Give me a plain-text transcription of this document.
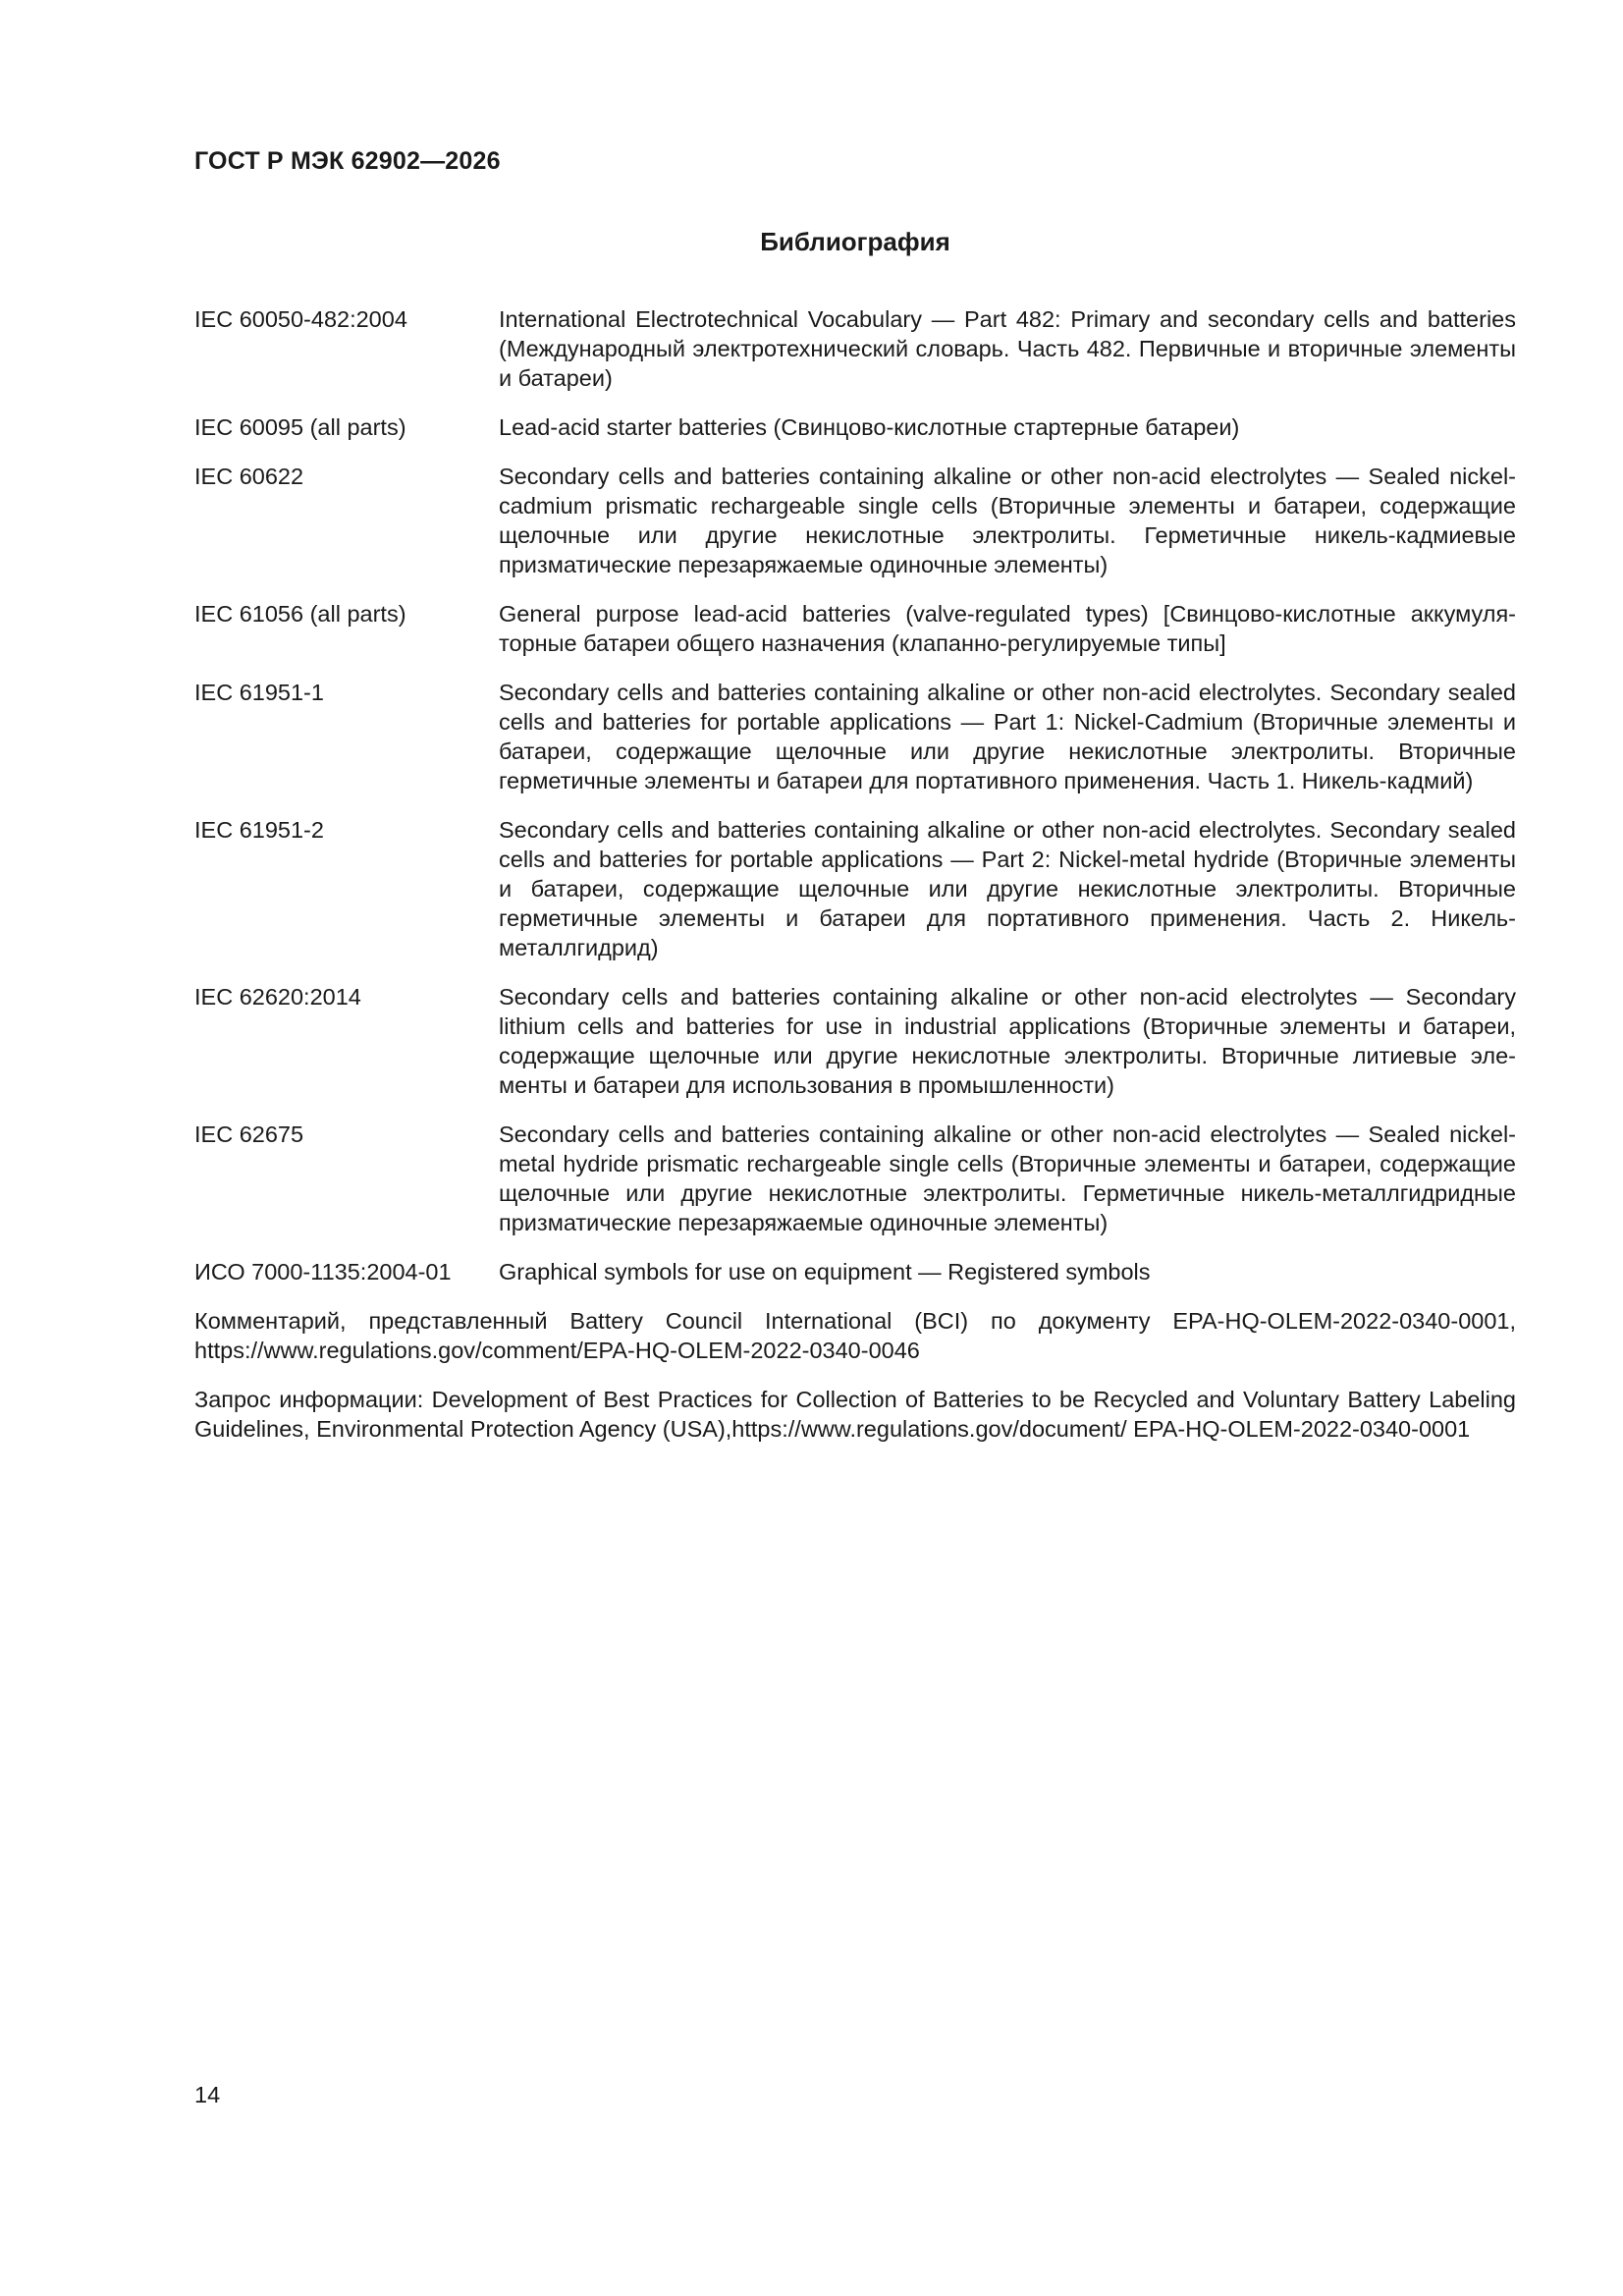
ГОСТ Р МЭК 62902—2026
Библиография
IEC 60050-482:2004	International Electrotechnical Vocabulary — Part 482: Primary and secondary cells and batteries (Международный электротехнический словарь. Часть 482. Первичные и вторичные элементы и батареи)
IEC 60095 (all parts)	Lead-acid starter batteries (Свинцово-кислотные стартерные батареи)
IEC 60622	Secondary cells and batteries containing alkaline or other non-acid electrolytes — Sealed nickel-cadmium prismatic rechargeable single cells (Вторичные элементы и батареи, содержащие щелочные или другие некислотные электролиты. Герметичные никель-кадмиевые призматические перезаряжаемые одиночные элементы)
IEC 61056 (all parts)	General purpose lead-acid batteries (valve-regulated types) [Свинцово-кислотные аккумуляторные батареи общего назначения (клапанно-регулируемые типы]
IEC 61951-1	Secondary cells and batteries containing alkaline or other non-acid electrolytes. Secondary sealed cells and batteries for portable applications — Part 1: Nickel-Cadmium (Вторичные элементы и батареи, содержащие щелочные или другие некислотные электролиты. Вторичные герметичные элементы и батареи для портативного применения. Часть 1. Никель-кадмий)
IEC 61951-2	Secondary cells and batteries containing alkaline or other non-acid electrolytes. Secondary sealed cells and batteries for portable applications — Part 2: Nickel-metal hydride (Вторичные элементы и батареи, содержащие щелочные или другие некислотные электролиты. Вторичные герметичные элементы и батареи для портативного применения. Часть 2. Никель-металлгидрид)
IEC 62620:2014	Secondary cells and batteries containing alkaline or other non-acid electrolytes — Secondary lithium cells and batteries for use in industrial applications (Вторичные элементы и батареи, содержащие щелочные или другие некислотные электролиты. Вторичные литиевые элементы и батареи для использования в промышленности)
IEC 62675	Secondary cells and batteries containing alkaline or other non-acid electrolytes — Sealed nickel-metal hydride prismatic rechargeable single cells (Вторичные элементы и батареи, содержащие щелочные или другие некислотные электролиты. Герметичные никель-металлгидридные призматические перезаряжаемые одиночные элементы)
ИСО 7000-1135:2004-01	Graphical symbols for use on equipment — Registered symbols
Комментарий, представленный Battery Council International (BCI) по документу EPA-HQ-OLEM-2022-0340-0001, https://www.regulations.gov/comment/EPA-HQ-OLEM-2022-0340-0046
Запрос информации: Development of Best Practices for Collection of Batteries to be Recycled and Voluntary Battery Labeling Guidelines, Environmental Protection Agency (USA),https://www.regulations.gov/document/ EPA-HQ-OLEM-2022-0340-0001
14
